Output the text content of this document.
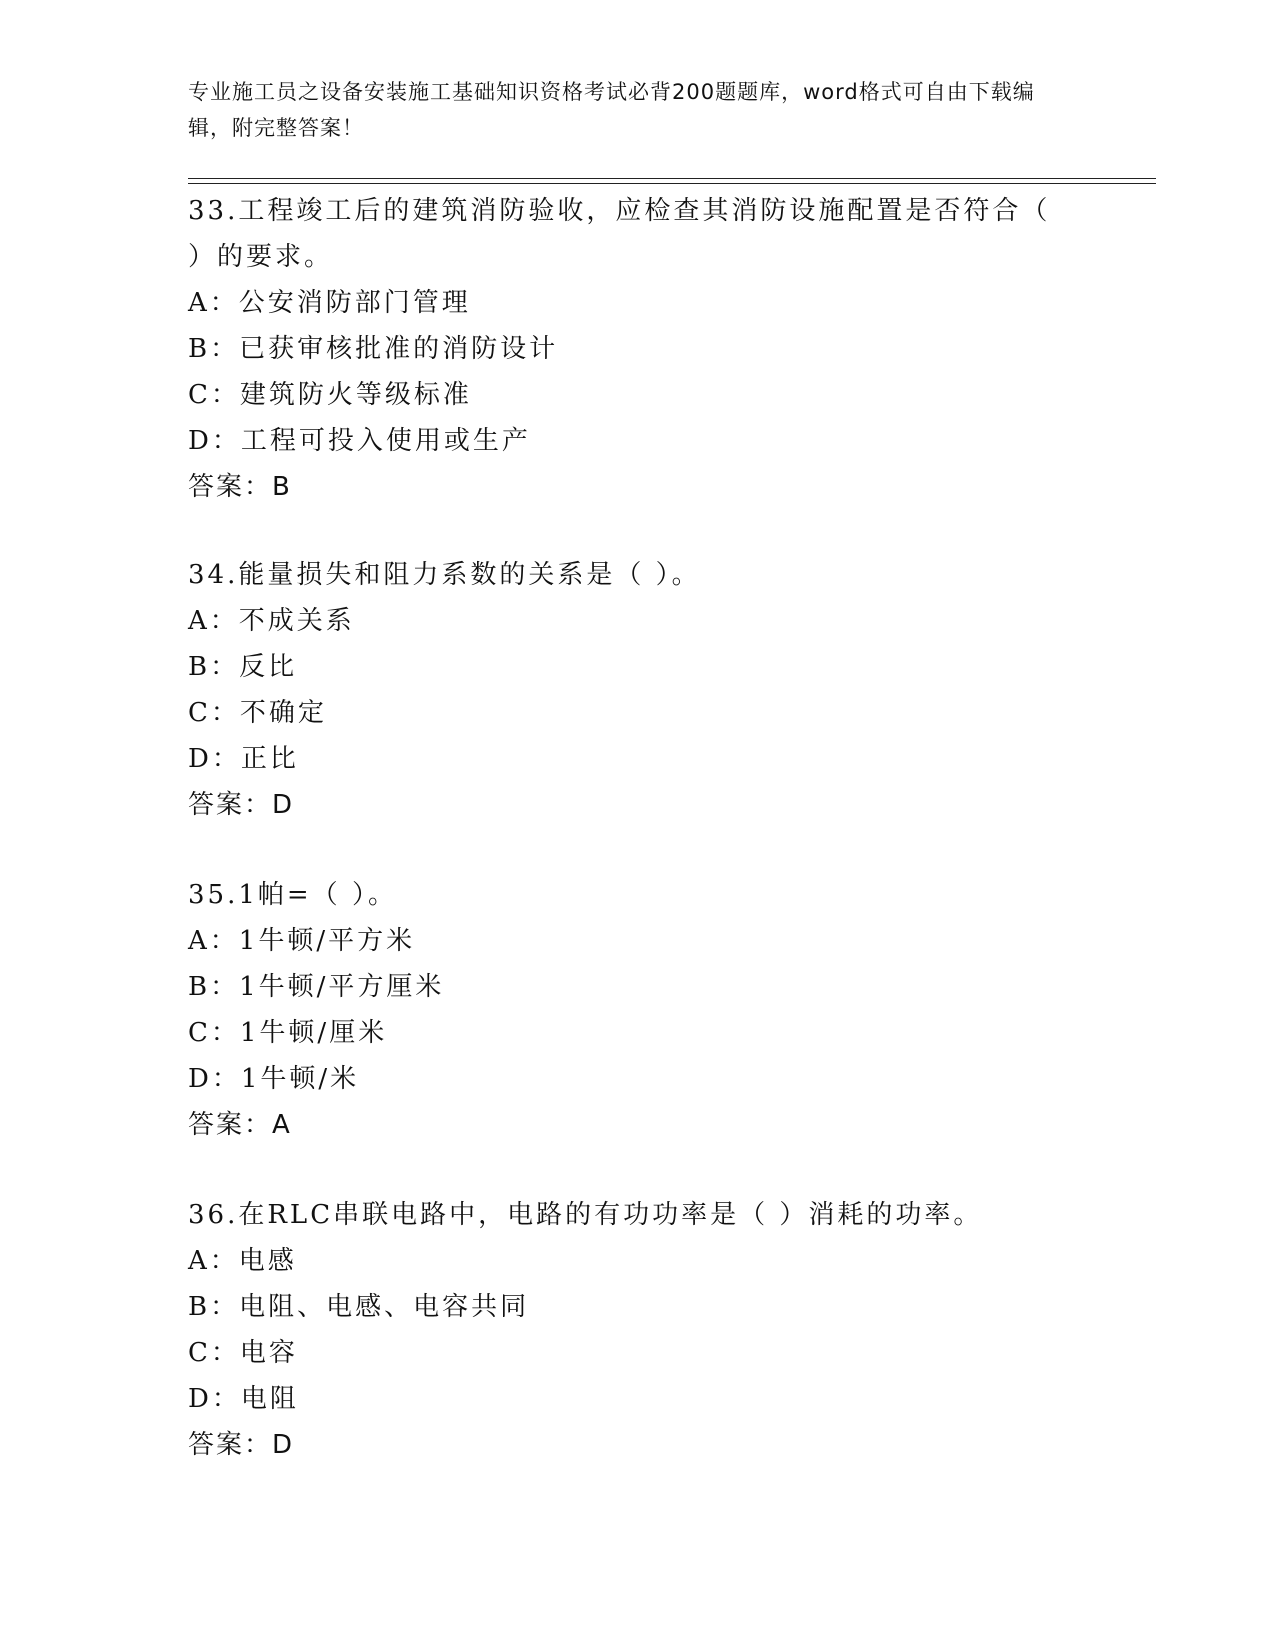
专业施工员之设备安装施工基础知识资格考试必背200题题库，word格式可自由下载编辑，附完整答案！
33.工程竣工后的建筑消防验收，应检查其消防设施配置是否符合（ ）的要求。
A：公安消防部门管理
B：已获审核批准的消防设计
C：建筑防火等级标准
D：工程可投入使用或生产
答案：B
34.能量损失和阻力系数的关系是（ ）。
A：不成关系
B：反比
C：不确定
D：正比
答案：D
35.1帕=（ ）。
A：1牛顿/平方米
B：1牛顿/平方厘米
C：1牛顿/厘米
D：1牛顿/米
答案：A
36.在RLC串联电路中，电路的有功功率是（ ）消耗的功率。
A：电感
B：电阻、电感、电容共同
C：电容
D：电阻
答案：D
